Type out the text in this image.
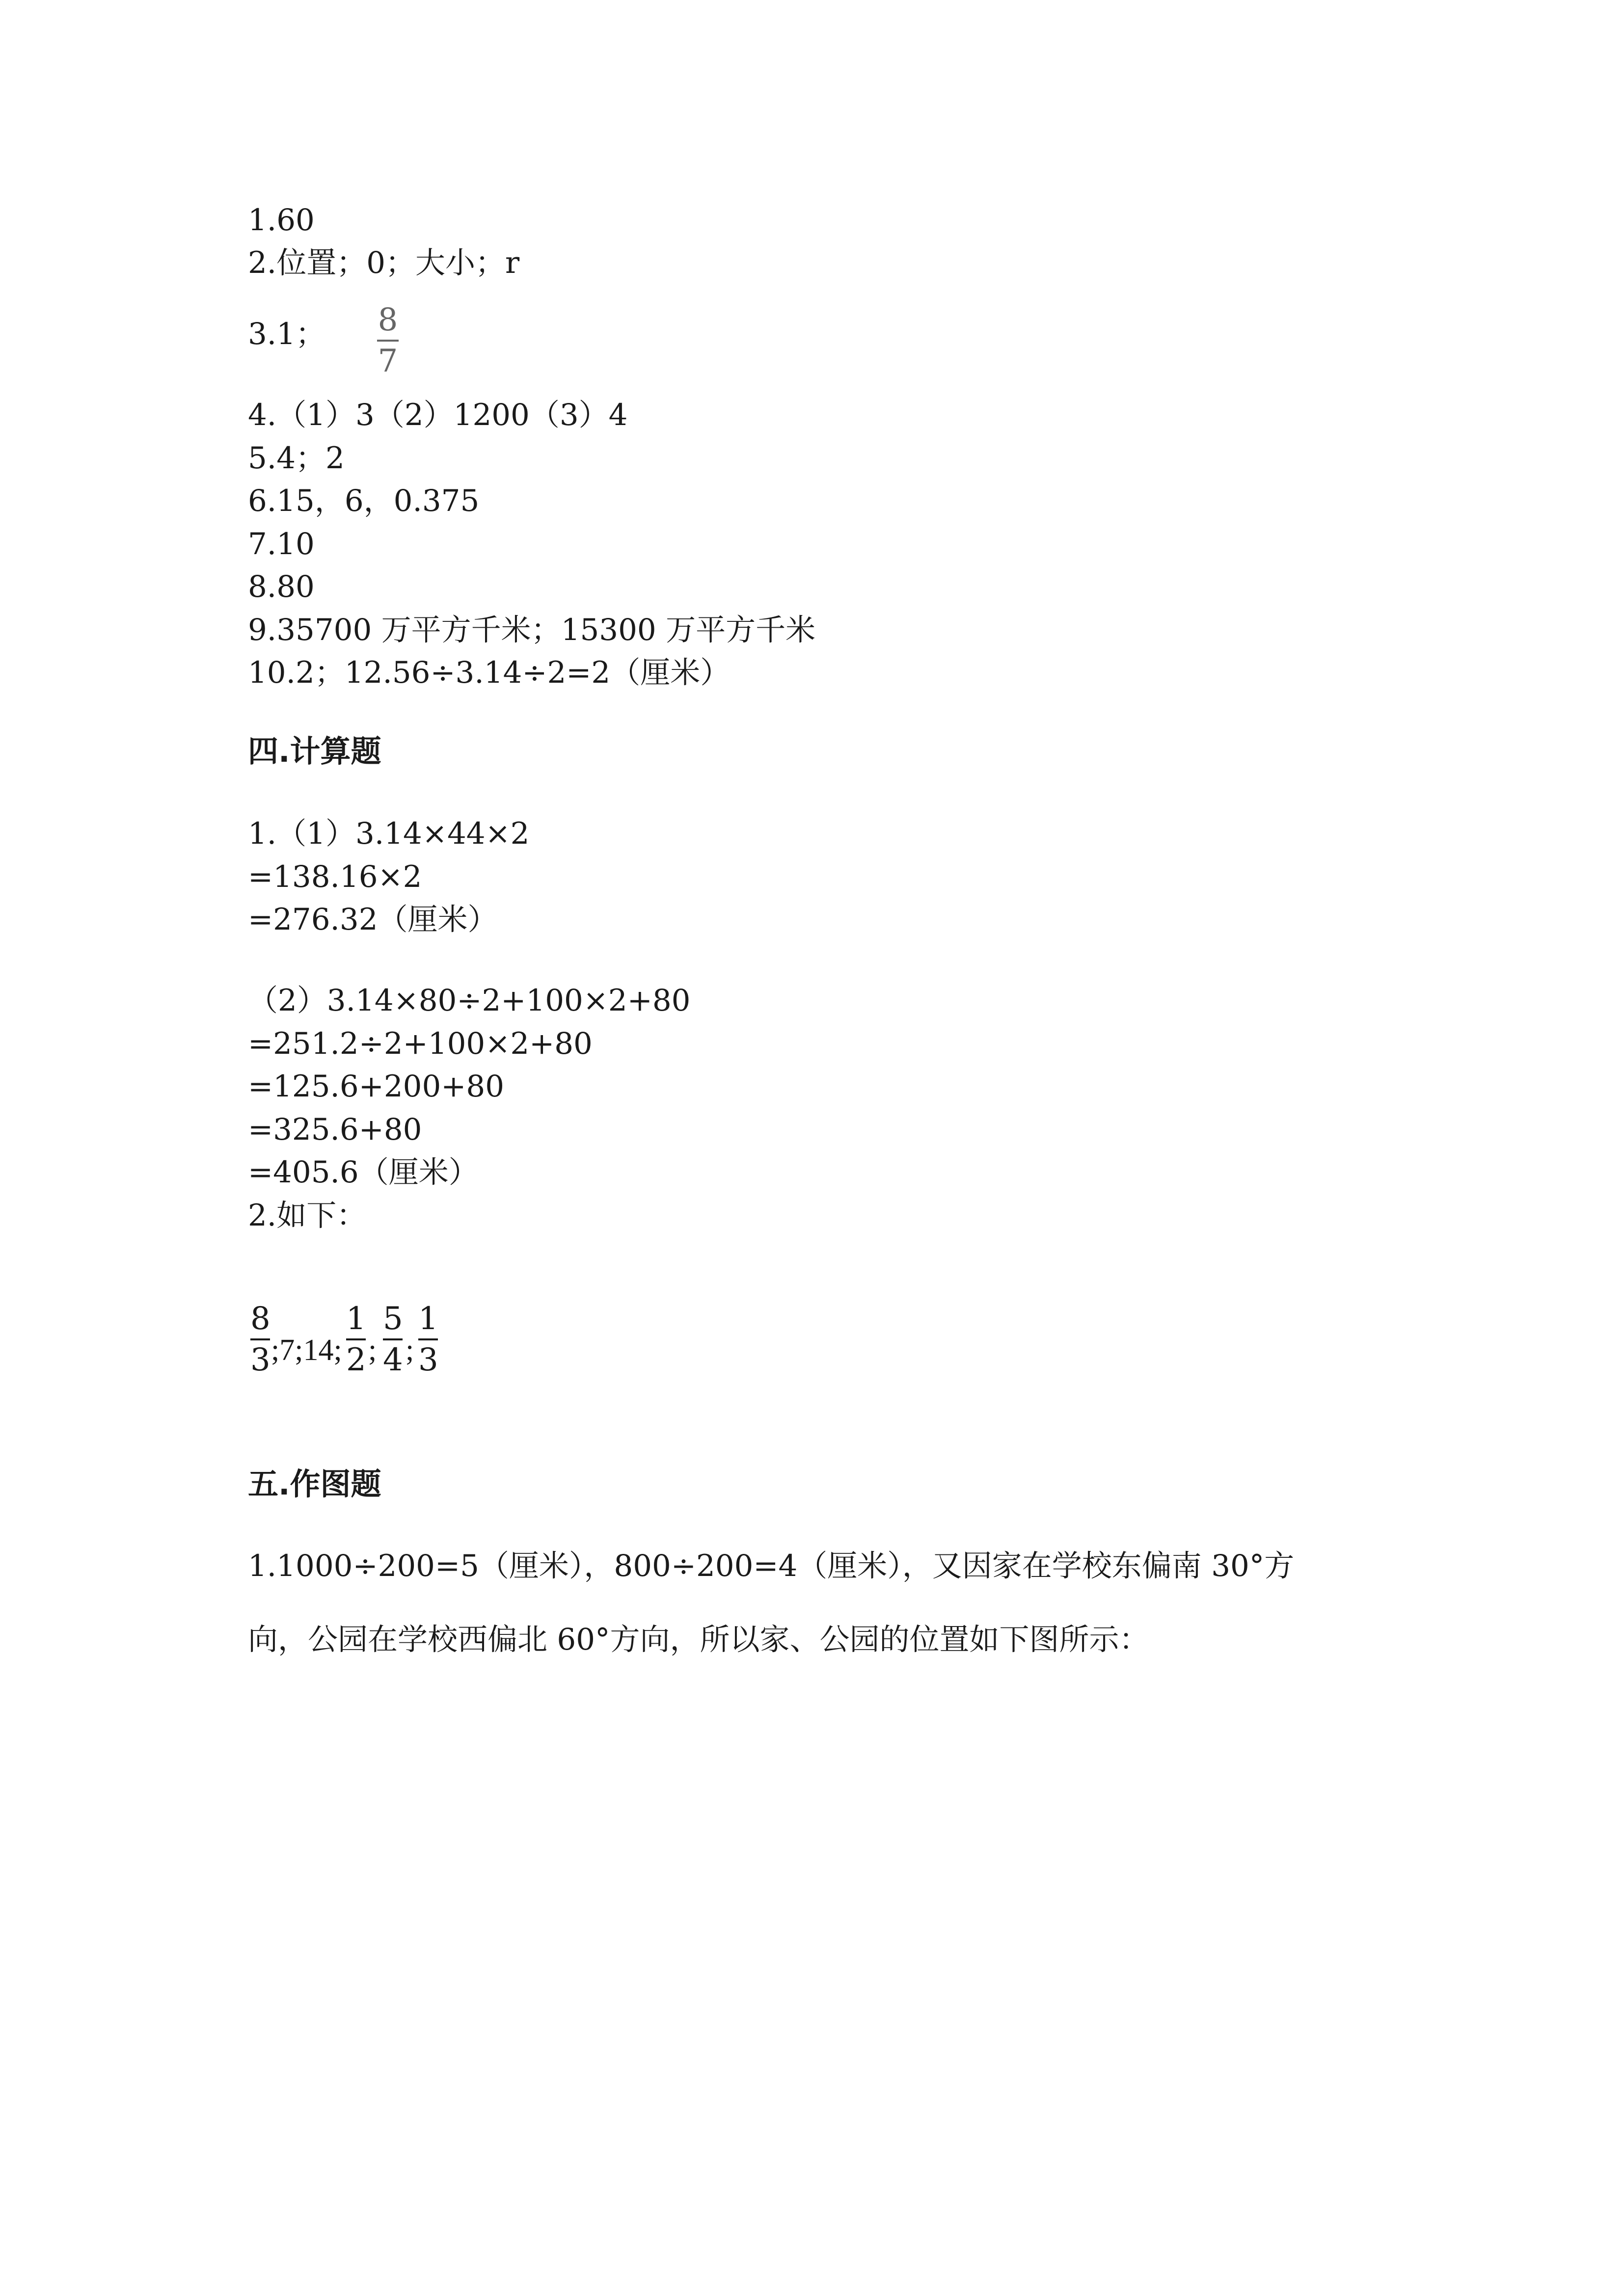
1.60
2.位置；0；大小；r
3.1； 8
7
4.（1）3（2）1200（3）4
5.4；2
6.15，6，0.375
7.10
8.80
9.35700 万平方千米；15300 万平方千米
10.2；12.56÷3.14÷2=2（厘米）
四.计算题
1.（1）3.14×44×2
=138.16×2
=276.32（厘米）
（2）3.14×80÷2+100×2+80
=251.2÷2+100×2+80
=125.6+200+80
=325.6+80
=405.6（厘米）
2.如下：
8
3 ;7;14;
1
2 ;
5
4 ;
1
3
五.作图题
1.1000÷200=5（厘米），800÷200=4（厘米），又因家在学校东偏南 30°方
向，公园在学校西偏北 60°方向，所以家、公园的位置如下图所示：
